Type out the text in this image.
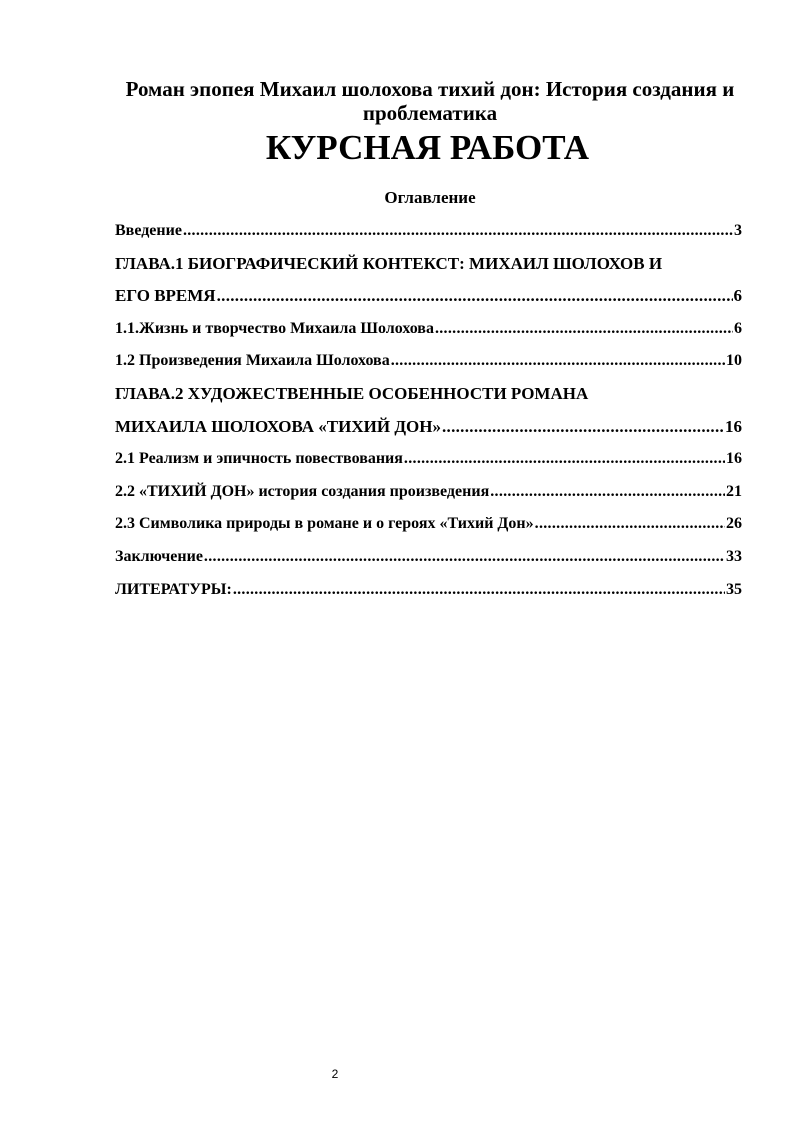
Роман эпопея Михаил шолохова тихий дон: История создания и проблематика
КУРСНАЯ РАБОТА
Оглавление
Введение .....	3
ГЛАВА.1 БИОГРАФИЧЕСКИЙ КОНТЕКСТ: МИХАИЛ ШОЛОХОВ И
ЕГО ВРЕМЯ .....	6
1.1.Жизнь и творчество Михаила Шолохова .....	6
1.2 Произведения Михаила Шолохова .....	10
ГЛАВА.2 ХУДОЖЕСТВЕННЫЕ ОСОБЕННОСТИ РОМАНА
МИХАИЛА ШОЛОХОВА «ТИХИЙ ДОН» .....	16
2.1 Реализм и эпичность повествования .....	16
2.2 «ТИХИЙ ДОН» история создания произведения .....	21
2.3 Символика природы в романе и о героях «Тихий Дон» .....	26
Заключение .....	33
ЛИТЕРАТУРЫ: .....	35
2
